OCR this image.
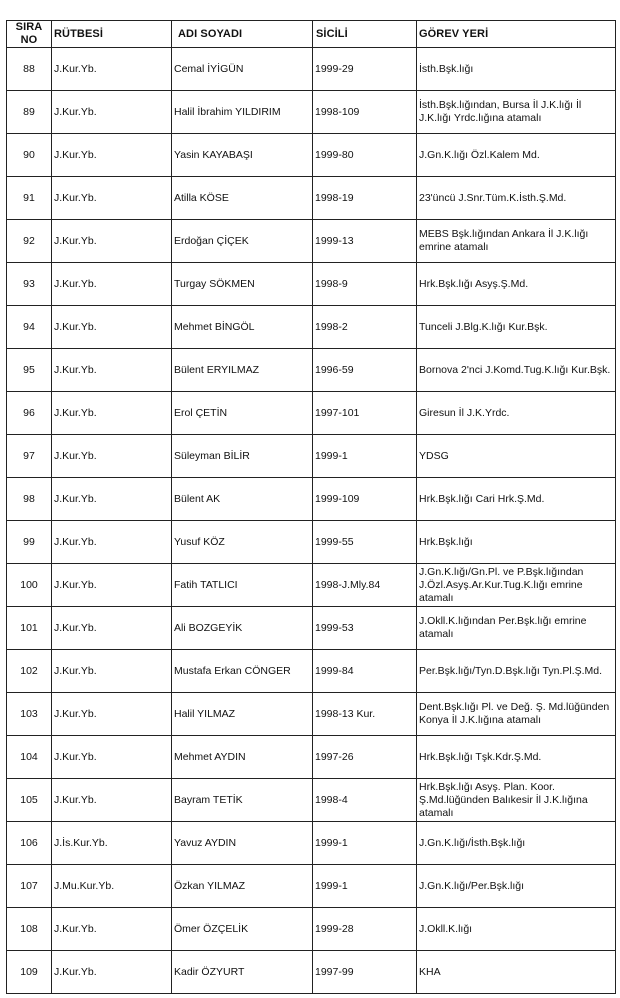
SIRA NO	RÜTBESİ	ADI SOYADI	SİCİLİ	GÖREV YERİ
88	J.Kur.Yb.	Cemal İYİGÜN	1999-29	İsth.Bşk.lığı
89	J.Kur.Yb.	Halil İbrahim YILDIRIM	1998-109	İsth.Bşk.lığından, Bursa İl J.K.lığı İl J.K.lığı Yrdc.lığına atamalı
90	J.Kur.Yb.	Yasin KAYABAŞI	1999-80	J.Gn.K.lığı Özl.Kalem Md.
91	J.Kur.Yb.	Atilla KÖSE	1998-19	23'üncü J.Snr.Tüm.K.İsth.Ş.Md.
92	J.Kur.Yb.	Erdoğan ÇİÇEK	1999-13	MEBS Bşk.lığından Ankara İl J.K.lığı emrine atamalı
93	J.Kur.Yb.	Turgay SÖKMEN	1998-9	Hrk.Bşk.lığı Asyş.Ş.Md.
94	J.Kur.Yb.	Mehmet BİNGÖL	1998-2	Tunceli J.Blg.K.lığı Kur.Bşk.
95	J.Kur.Yb.	Bülent ERYILMAZ	1996-59	Bornova 2'nci J.Komd.Tug.K.lığı Kur.Bşk.
96	J.Kur.Yb.	Erol ÇETİN	1997-101	Giresun İl J.K.Yrdc.
97	J.Kur.Yb.	Süleyman BİLİR	1999-1	YDSG
98	J.Kur.Yb.	Bülent AK	1999-109	Hrk.Bşk.lığı Cari Hrk.Ş.Md.
99	J.Kur.Yb.	Yusuf KÖZ	1999-55	Hrk.Bşk.lığı
100	J.Kur.Yb.	Fatih TATLICI	1998-J.Mly.84	J.Gn.K.lığı/Gn.Pl. ve P.Bşk.lığından J.Özl.Asyş.Ar.Kur.Tug.K.lığı emrine atamalı
101	J.Kur.Yb.	Ali BOZGEYİK	1999-53	J.Okll.K.lığından Per.Bşk.lığı emrine atamalı
102	J.Kur.Yb.	Mustafa Erkan CÖNGER	1999-84	Per.Bşk.lığı/Tyn.D.Bşk.lığı Tyn.Pl.Ş.Md.
103	J.Kur.Yb.	Halil YILMAZ	1998-13 Kur.	Dent.Bşk.lığı Pl. ve Değ. Ş. Md.lüğünden Konya İl J.K.lığına atamalı
104	J.Kur.Yb.	Mehmet AYDIN	1997-26	Hrk.Bşk.lığı Tşk.Kdr.Ş.Md.
105	J.Kur.Yb.	Bayram TETİK	1998-4	Hrk.Bşk.lığı Asyş. Plan. Koor. Ş.Md.lüğünden Balıkesir İl J.K.lığına atamalı
106	J.İs.Kur.Yb.	Yavuz AYDIN	1999-1	J.Gn.K.lığı/İsth.Bşk.lığı
107	J.Mu.Kur.Yb.	Özkan YILMAZ	1999-1	J.Gn.K.lığı/Per.Bşk.lığı
108	J.Kur.Yb.	Ömer ÖZÇELİK	1999-28	J.Okll.K.lığı
109	J.Kur.Yb.	Kadir ÖZYURT	1997-99	KHA
